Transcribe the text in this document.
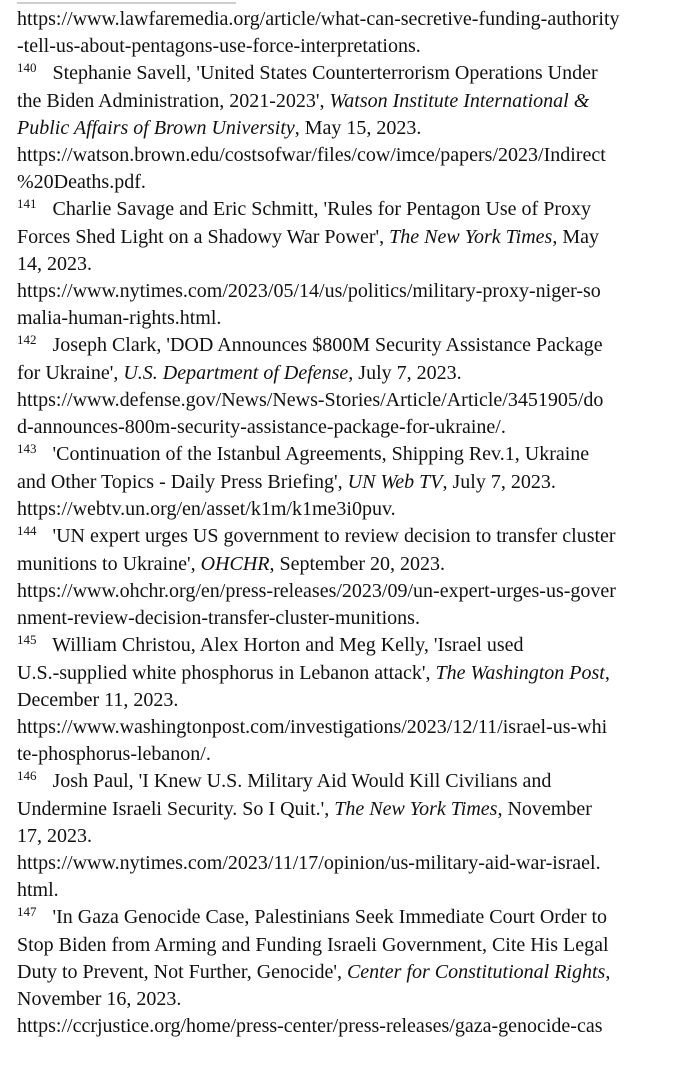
https://www.lawfaremedia.org/article/what-can-secretive-funding-authority
-tell-us-about-pentagons-use-force-interpretations.
$^{140}$  Stephanie Savell, 'United States Counterterrorism Operations Under
the Biden Administration, 2021-2023', Watson Institute International &
Public Affairs of Brown University, May 15, 2023.
https://watson.brown.edu/costsofwar/files/cow/imce/papers/2023/Indirect
%20Deaths.pdf.
$^{141}$  Charlie Savage and Eric Schmitt, 'Rules for Pentagon Use of Proxy
Forces Shed Light on a Shadowy War Power', The New York Times, May
14, 2023.
https://www.nytimes.com/2023/05/14/us/politics/military-proxy-niger-so
malia-human-rights.html.
$^{142}$  Joseph Clark, 'DOD Announces $800M Security Assistance Package
for Ukraine', U.S. Department of Defense, July 7, 2023.
https://www.defense.gov/News/News-Stories/Article/Article/3451905/do
d-announces-800m-security-assistance-package-for-ukraine/.
$^{143}$  'Continuation of the Istanbul Agreements, Shipping Rev.1, Ukraine
and Other Topics - Daily Press Briefing', UN Web TV, July 7, 2023.
https://webtv.un.org/en/asset/k1m/k1me3i0puv.
$^{144}$  'UN expert urges US government to review decision to transfer cluster
munitions to Ukraine', OHCHR, September 20, 2023.
https://www.ohchr.org/en/press-releases/2023/09/un-expert-urges-us-gover
nment-review-decision-transfer-cluster-munitions.
$^{145}$  William Christou, Alex Horton and Meg Kelly, 'Israel used
U.S.-supplied white phosphorus in Lebanon attack', The Washington Post,
December 11, 2023.
https://www.washingtonpost.com/investigations/2023/12/11/israel-us-whi
te-phosphorus-lebanon/.
$^{146}$  Josh Paul, 'I Knew U.S. Military Aid Would Kill Civilians and
Undermine Israeli Security. So I Quit.', The New York Times, November
17, 2023.
https://www.nytimes.com/2023/11/17/opinion/us-military-aid-war-israel.
html.
$^{147}$  'In Gaza Genocide Case, Palestinians Seek Immediate Court Order to
Stop Biden from Arming and Funding Israeli Government, Cite His Legal
Duty to Prevent, Not Further, Genocide', Center for Constitutional Rights,
November 16, 2023.
https://ccrjustice.org/home/press-center/press-releases/gaza-genocide-cas
